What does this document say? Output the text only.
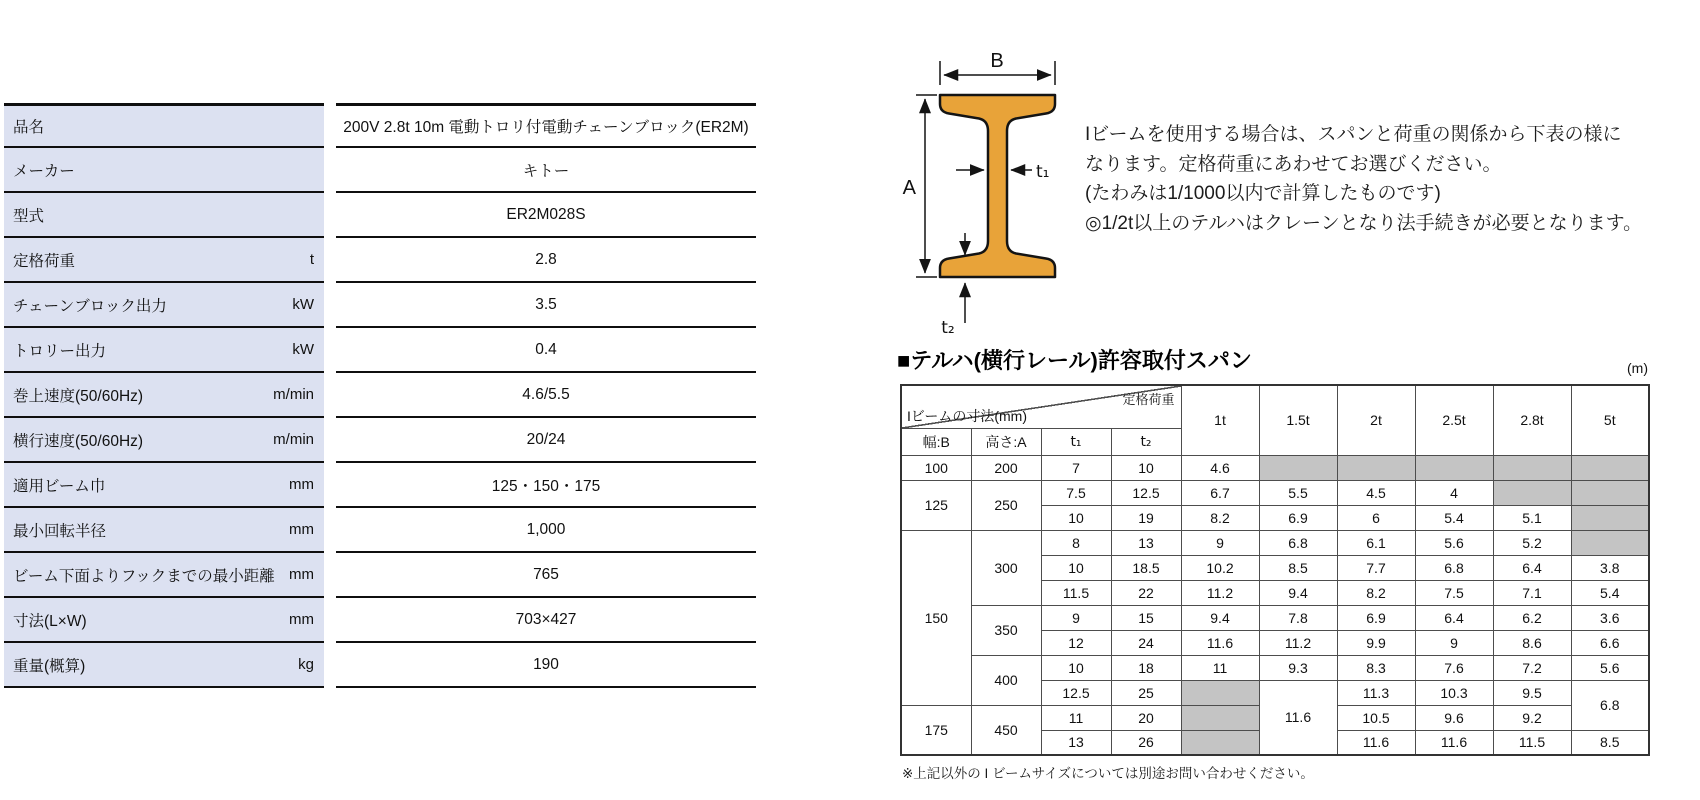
品名	200V 2.8t 10m 電動トロリ付電動チェーンブロック(ER2M)
メーカー	キトー
型式	ER2M028S
定格荷重	t	2.8
チェーンブロック出力	kW	3.5
トロリー出力	kW	0.4
巻上速度(50/60Hz)	m/min	4.6/5.5
横行速度(50/60Hz)	m/min	20/24
適用ビーム巾	mm	125・150・175
最小回転半径	mm	1,000
ビーム下面よりフックまでの最小距離 mm	765
寸法(L×W)	mm	703×427
重量(概算)	kg	190
B
A
t₁
t₂
Iビームを使用する場合は、スパンと荷重の関係から下表の様に
なります。定格荷重にあわせてお選びください。
(たわみは1/1000以内で計算したものです)
◎1/2t以上のテルハはクレーンとなり法手続きが必要となります。
■テルハ(横行レール)許容取付スパン	(m)
定格荷重
Iビームの寸法(mm)				1t	1.5t	2t	2.5t	2.8t	5t
幅:B	高さ:A	t₁	t₂						
100	200	7	10	4.6					
125	250	7.5	12.5	6.7	5.5	4.5	4		
		10	19	8.2	6.9	6	5.4	5.1	
150	300	8	13	9	6.8	6.1	5.6	5.2	
		10	18.5	10.2	8.5	7.7	6.8	6.4	3.8
		11.5	22	11.2	9.4	8.2	7.5	7.1	5.4
	350	9	15	9.4	7.8	6.9	6.4	6.2	3.6
		12	24	11.6	11.2	9.9	9	8.6	6.6
	400	10	18	11	9.3	8.3	7.6	7.2	5.6
		12.5	25		11.6	11.3	10.3	9.5	6.8
175	450	11	20			10.5	9.6	9.2	
		13	26			11.6	11.6	11.5	8.5
※上記以外の I ビームサイズについては別途お問い合わせください。
